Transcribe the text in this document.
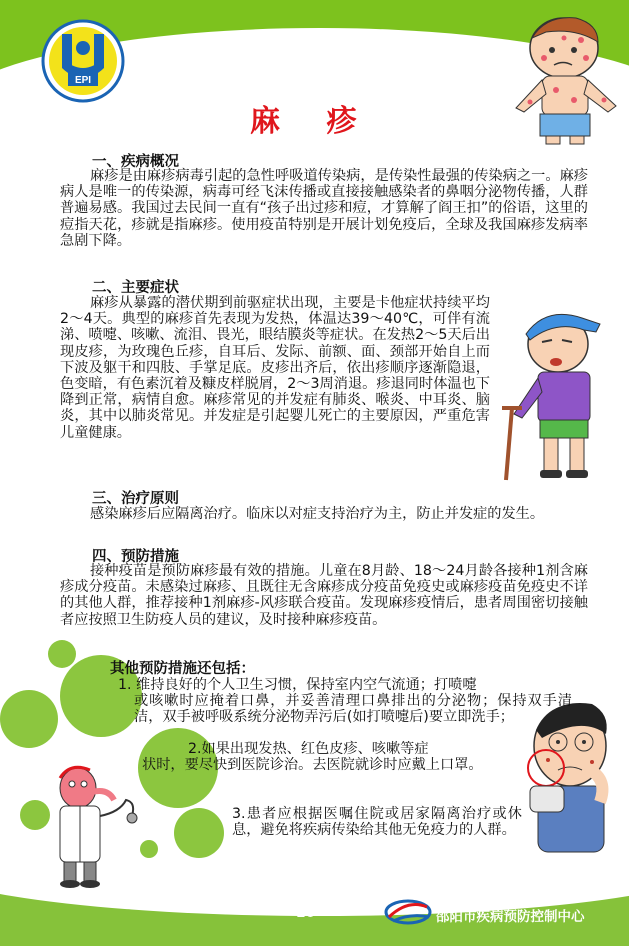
EPI
麻 疹
一、疾病概况
麻疹是由麻疹病毒引起的急性呼吸道传染病，是传染性最强的传染病之一。麻疹病人是唯一的传染源，病毒可经飞沫传播或直接接触感染者的鼻咽分泌物传播，人群普遍易感。我国过去民间一直有“孩子出过疹和痘，才算解了阎王扣”的俗语，这里的痘指天花，疹就是指麻疹。使用疫苗特别是开展计划免疫后，全球及我国麻疹发病率急剧下降。
二、主要症状
麻疹从暴露的潜伏期到前驱症状出现，主要是卡他症状持续平均2～4天。典型的麻疹首先表现为发热，体温达39～40℃，可伴有流涕、喷嚏、咳嗽、流泪、畏光，眼结膜炎等症状。在发热2～5天后出现皮疹，为玫瑰色丘疹，自耳后、发际、前额、面、颈部开始自上而下波及躯干和四肢、手掌足底。皮疹出齐后，依出疹顺序逐渐隐退，色变暗，有色素沉着及糠皮样脱屑，2～3周消退。疹退同时体温也下降到正常，病情自愈。麻疹常见的并发症有肺炎、喉炎、中耳炎、脑炎，其中以肺炎常见。并发症是引起婴儿死亡的主要原因，严重危害儿童健康。
三、治疗原则
感染麻疹后应隔离治疗。临床以对症支持治疗为主，防止并发症的发生。
四、预防措施
接种疫苗是预防麻疹最有效的措施。儿童在8月龄、18～24月龄各接种1剂含麻疹成分疫苗。未感染过麻疹、且既往无含麻疹成分疫苗免疫史或麻疹疫苗免疫史不详的其他人群，推荐接种1剂麻疹-风疹联合疫苗。发现麻疹疫情后，患者周围密切接触者应按照卫生防疫人员的建议，及时接种麻疹疫苗。
其他预防措施还包括：
1. 维持良好的个人卫生习惯，保持室内空气流通；打喷嚏
或咳嗽时应掩着口鼻，并妥善清理口鼻排出的分泌物；保持双手清洁，双手被呼吸系统分泌物弄污后(如打喷嚏后)要立即洗手；
2.如果出现发热、红色皮疹、咳嗽等症
状时，要尽快到医院诊治。去医院就诊时应戴上口罩。
3.患者应根据医嘱住院或居家隔离治疗或休息，避免将疾病传染给其他无免疫力的人群。
-10-	邵阳市疾病预防控制中心
